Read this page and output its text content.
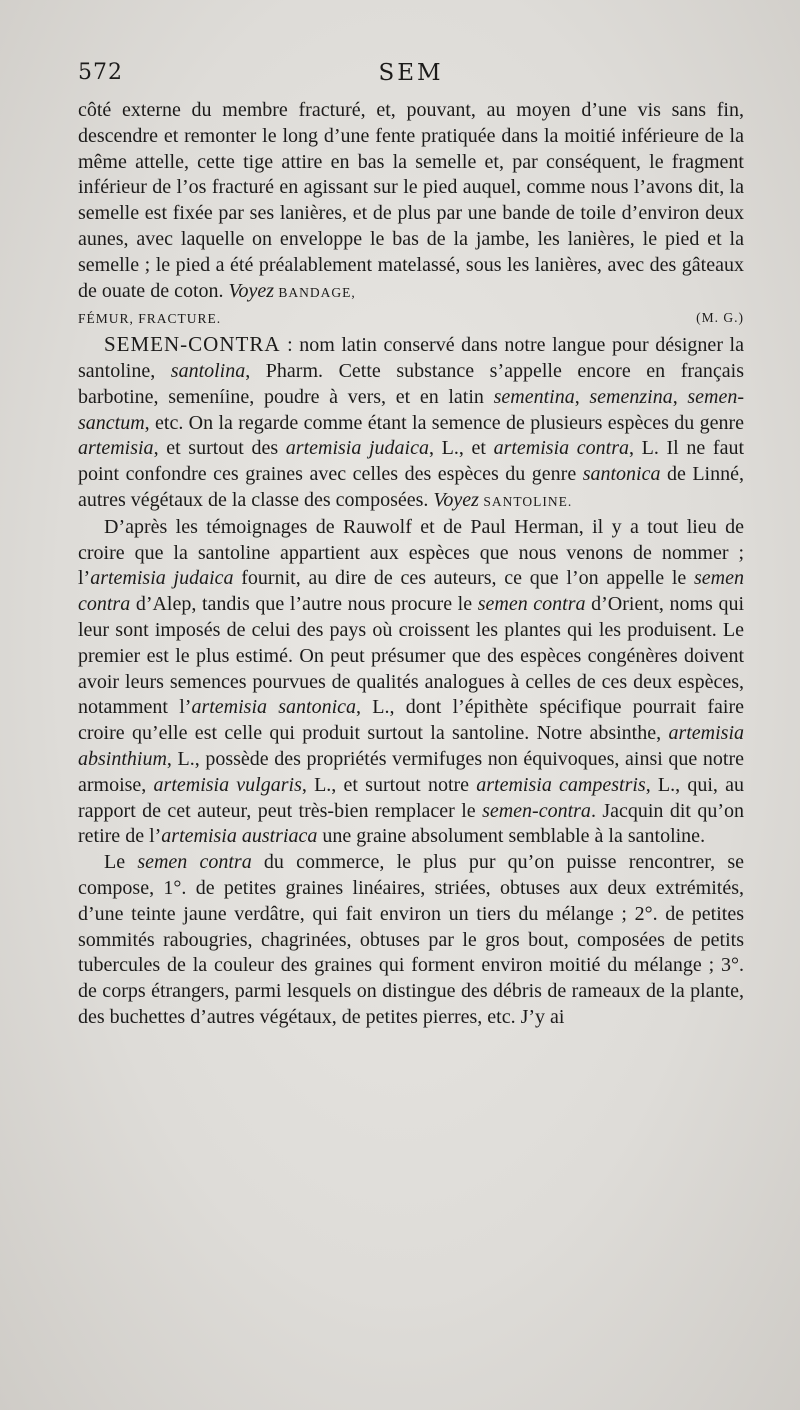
572	SEM

côté externe du membre fracturé, et, pouvant, au moyen d’une vis sans fin, descendre et remonter le long d’une fente pratiquée dans la moitié inférieure de la même attelle, cette tige attire en bas la semelle et, par conséquent, le fragment inférieur de l’os fracturé en agissant sur le pied auquel, comme nous l’avons dit, la semelle est fixée par ses lanières, et de plus par une bande de toile d’environ deux aunes, avec laquelle on enveloppe le bas de la jambe, les lanières, le pied et la semelle ; le pied a été préalablement matelassé, sous les lanières, avec des gâteaux de ouate de coton. Voyez BANDAGE,
FÉMUR, FRACTURE.	(M. G.)

SEMEN-CONTRA : nom latin conservé dans notre langue pour désigner la santoline, santolina, Pharm. Cette substance s’appelle encore en français barbotine, semeníine, poudre à vers, et en latin sementina, semenzina, semen-sanctum, etc. On la regarde comme étant la semence de plusieurs espèces du genre artemisia, et surtout des artemisia judaica, L., et artemisia contra, L. Il ne faut point confondre ces graines avec celles des espèces du genre santonica de Linné, autres végétaux de la classe des composées. Voyez SANTOLINE.

D’après les témoignages de Rauwolf et de Paul Herman, il y a tout lieu de croire que la santoline appartient aux espèces que nous venons de nommer ; l’artemisia judaica fournit, au dire de ces auteurs, ce que l’on appelle le semen contra d’Alep, tandis que l’autre nous procure le semen contra d’Orient, noms qui leur sont imposés de celui des pays où croissent les plantes qui les produisent. Le premier est le plus estimé. On peut présumer que des espèces congénères doivent avoir leurs semences pourvues de qualités analogues à celles de ces deux espèces, notamment l’artemisia santonica, L., dont l’épithète spécifique pourrait faire croire qu’elle est celle qui produit surtout la santoline. Notre absinthe, artemisia absinthium, L., possède des propriétés vermifuges non équivoques, ainsi que notre armoise, artemisia vulgaris, L., et surtout notre artemisia campestris, L., qui, au rapport de cet auteur, peut très-bien remplacer le semen-contra. Jacquin dit qu’on retire de l’artemisia austriaca une graine absolument semblable à la santoline.

Le semen contra du commerce, le plus pur qu’on puisse rencontrer, se compose, 1°. de petites graines linéaires, striées, obtuses aux deux extrémités, d’une teinte jaune verdâtre, qui fait environ un tiers du mélange ; 2°. de petites sommités rabougries, chagrinées, obtuses par le gros bout, composées de petits tubercules de la couleur des graines qui forment environ moitié du mélange ; 3°. de corps étrangers, parmi lesquels on distingue des débris de rameaux de la plante, des buchettes d’autres végétaux, de petites pierres, etc. J’y ai
